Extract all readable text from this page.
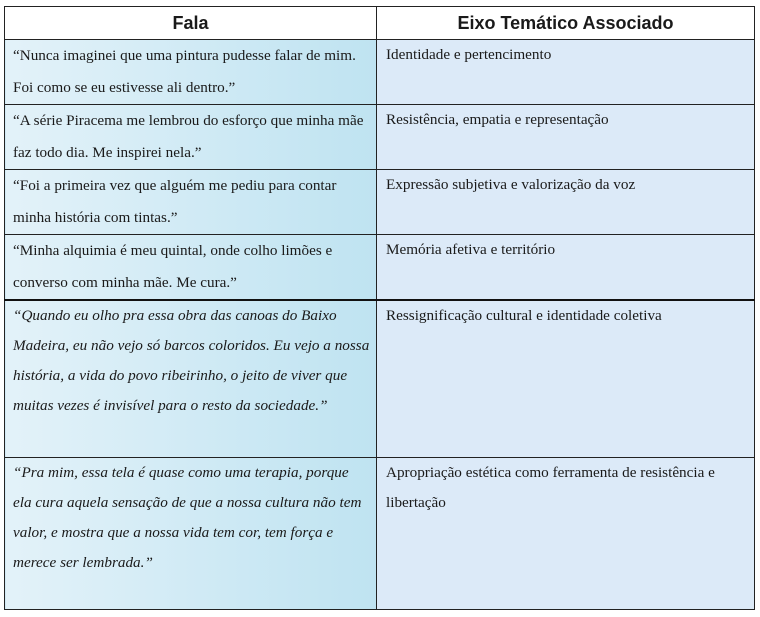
Fala	Eixo Temático Associado
“Nunca imaginei que uma pintura pudesse falar de mim. Foi como se eu estivesse ali dentro.”	Identidade e pertencimento
“A série Piracema me lembrou do esforço que minha mãe faz todo dia. Me inspirei nela.”	Resistência, empatia e representação
“Foi a primeira vez que alguém me pediu para contar minha história com tintas.”	Expressão subjetiva e valorização da voz
“Minha alquimia é meu quintal, onde colho limões e converso com minha mãe. Me cura.”	Memória afetiva e território
“Quando eu olho pra essa obra das canoas do Baixo Madeira, eu não vejo só barcos coloridos. Eu vejo a nossa história, a vida do povo ribeirinho, o jeito de viver que muitas vezes é invisível para o resto da sociedade.”	Ressignificação cultural e identidade coletiva
“Pra mim, essa tela é quase como uma terapia, porque ela cura aquela sensação de que a nossa cultura não tem valor, e mostra que a nossa vida tem cor, tem força e merece ser lembrada.”	Apropriação estética como ferramenta de resistência e libertação
